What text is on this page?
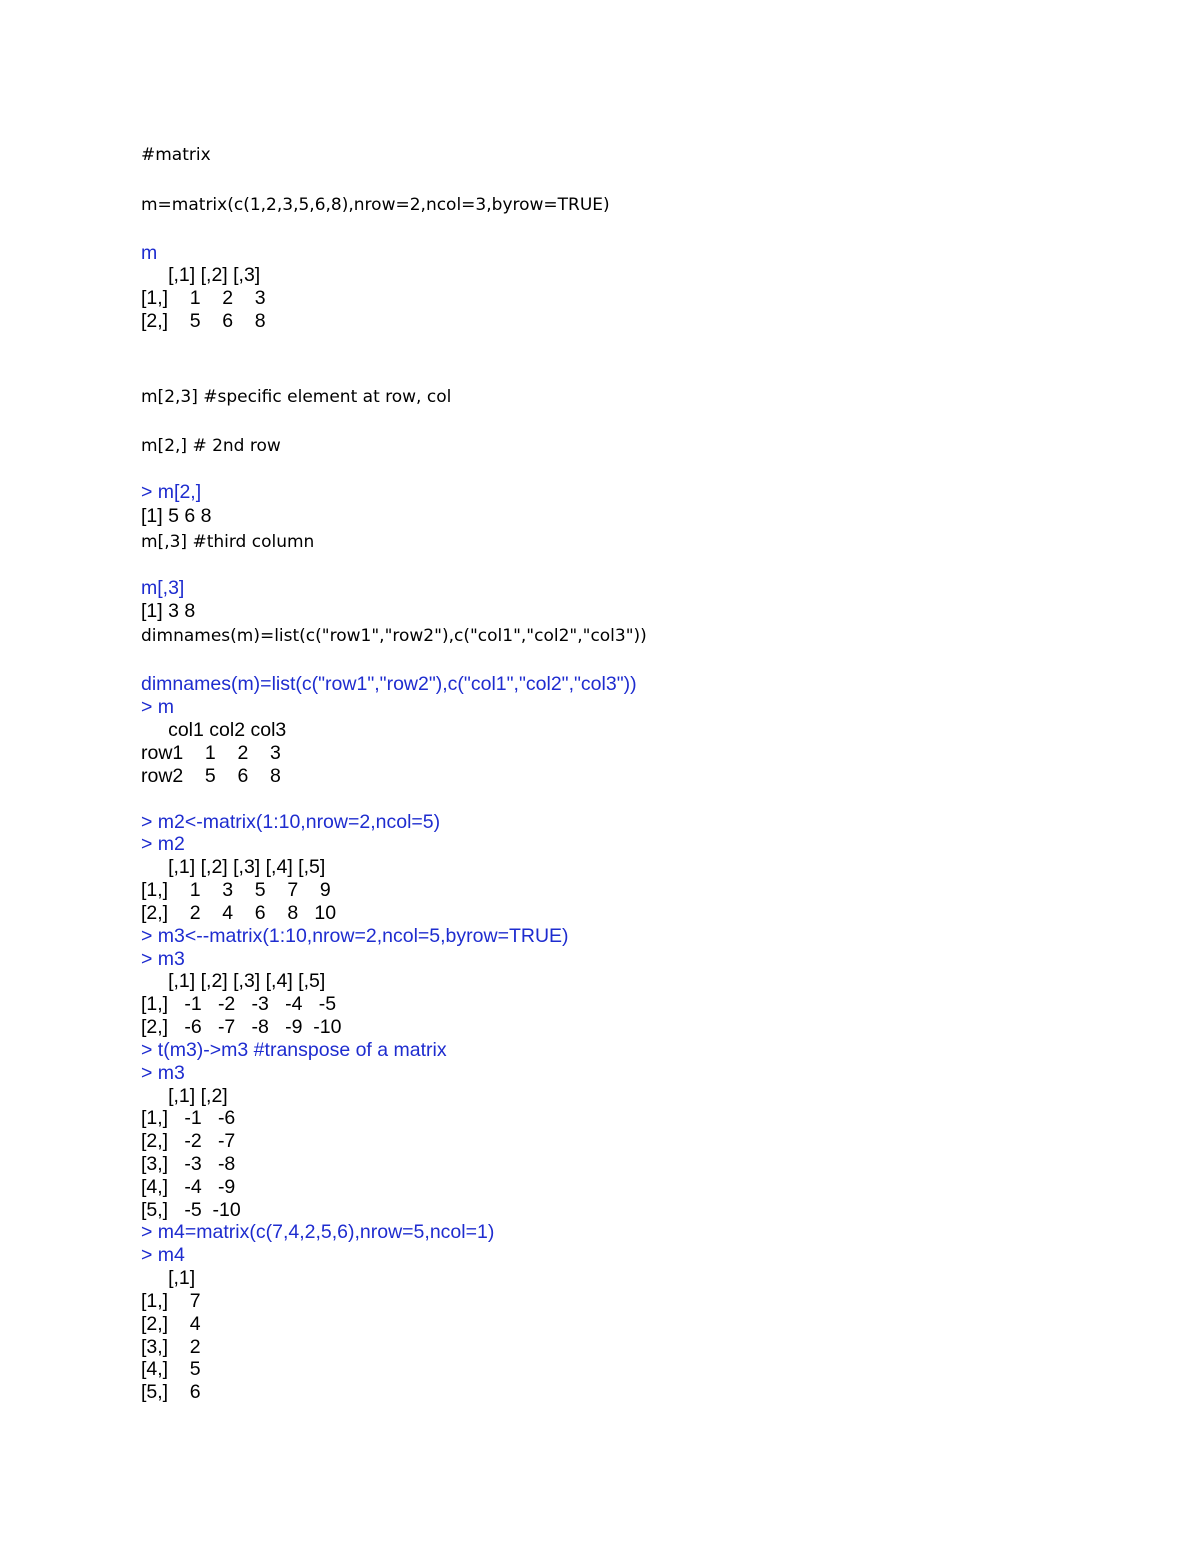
#matrix

m=matrix(c(1,2,3,5,6,8),nrow=2,ncol=3,byrow=TRUE)

m

[,1] [,2] [,3]

[1,]    1    2    3

[2,]    5    6    8

m[2,3] #specific element at row, col

m[2,] # 2nd row

> m[2,]

[1] 5 6 8

m[,3] #third column

m[,3]

[1] 3 8

dimnames(m)=list(c("row1","row2"),c("col1","col2","col3"))

dimnames(m)=list(c("row1","row2"),c("col1","col2","col3"))

> m

col1 col2 col3

row1    1    2    3

row2    5    6    8

> m2<-matrix(1:10,nrow=2,ncol=5)

> m2

[,1] [,2] [,3] [,4] [,5]

[1,]    1    3    5    7    9

[2,]    2    4    6    8   10

> m3<--matrix(1:10,nrow=2,ncol=5,byrow=TRUE)

> m3

[,1] [,2] [,3] [,4] [,5]

[1,]   -1   -2   -3   -4   -5

[2,]   -6   -7   -8   -9  -10

> t(m3)->m3 #transpose of a matrix

> m3

[,1] [,2]

[1,]   -1   -6

[2,]   -2   -7

[3,]   -3   -8

[4,]   -4   -9

[5,]   -5  -10

> m4=matrix(c(7,4,2,5,6),nrow=5,ncol=1)

> m4

[,1]

[1,]    7

[2,]    4

[3,]    2

[4,]    5

[5,]    6
